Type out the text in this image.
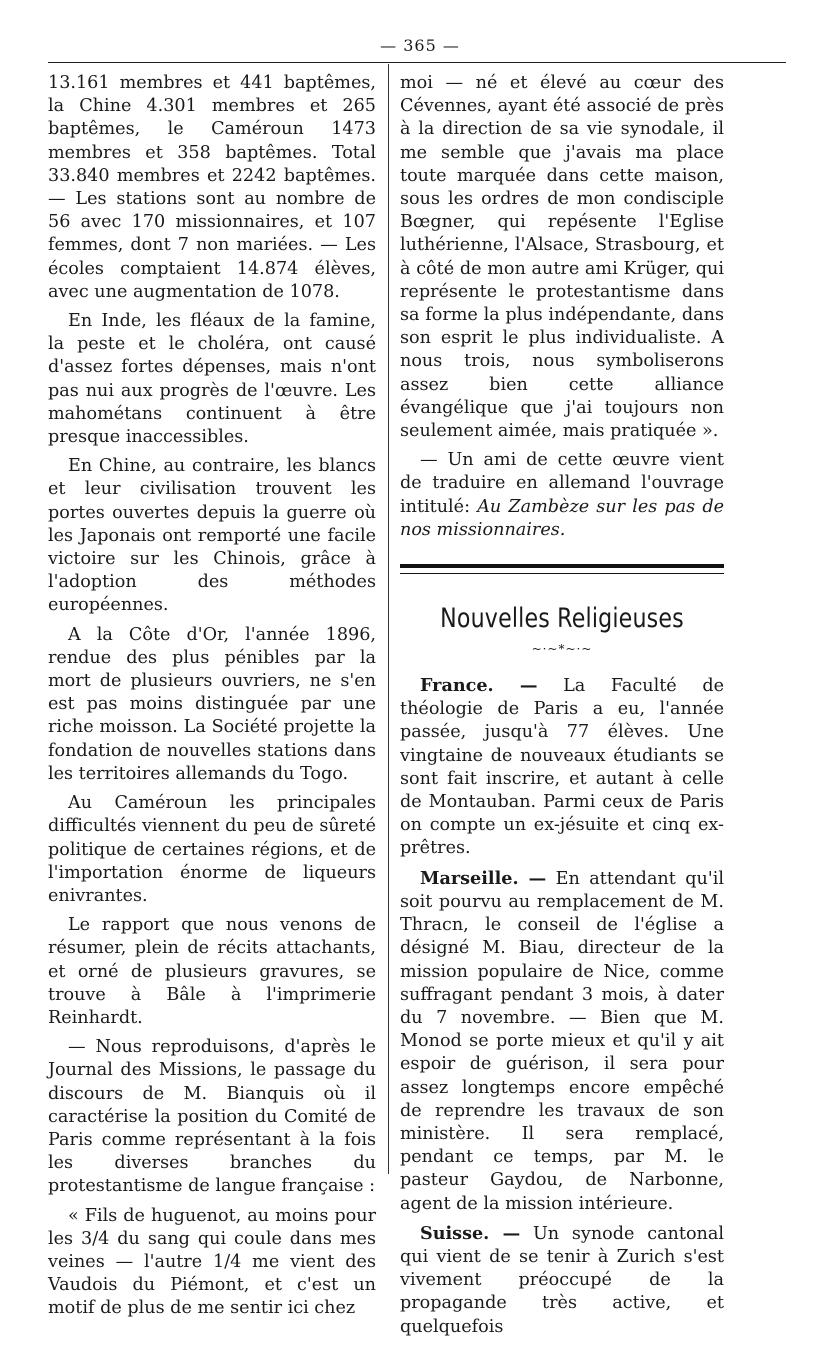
— 365 —

13.161 membres et 441 baptêmes, la Chine 4.301 membres et 265 baptêmes, le Caméroun 1473 membres et 358 baptêmes. Total 33.840 membres et 2242 baptêmes. — Les stations sont au nombre de 56 avec 170 missionnaires, et 107 femmes, dont 7 non mariées. — Les écoles comptaient 14.874 élèves, avec une augmentation de 1078.

En Inde, les fléaux de la famine, la peste et le choléra, ont causé d'assez fortes dépenses, mais n'ont pas nui aux progrès de l'œuvre. Les mahométans continuent à être presque inaccessibles.

En Chine, au contraire, les blancs et leur civilisation trouvent les portes ouvertes depuis la guerre où les Japonais ont remporté une facile victoire sur les Chinois, grâce à l'adoption des méthodes européennes.

A la Côte d'Or, l'année 1896, rendue des plus pénibles par la mort de plusieurs ouvriers, ne s'en est pas moins distinguée par une riche moisson. La Société projette la fondation de nouvelles stations dans les territoires allemands du Togo.

Au Caméroun les principales difficultés viennent du peu de sûreté politique de certaines régions, et de l'importation énorme de liqueurs enivrantes.

Le rapport que nous venons de résumer, plein de récits attachants, et orné de plusieurs gravures, se trouve à Bâle à l'imprimerie Reinhardt.

— Nous reproduisons, d'après le Journal des Missions, le passage du discours de M. Bianquis où il caractérise la position du Comité de Paris comme représentant à la fois les diverses branches du protestantisme de langue française :

« Fils de huguenot, au moins pour les 3/4 du sang qui coule dans mes veines — l'autre 1/4 me vient des Vaudois du Piémont, et c'est un motif de plus de me sentir ici chez

moi — né et élevé au cœur des Cévennes, ayant été associé de près à la direction de sa vie synodale, il me semble que j'avais ma place toute marquée dans cette maison, sous les ordres de mon condisciple Bœgner, qui repésente l'Eglise luthérienne, l'Alsace, Strasbourg, et à côté de mon autre ami Krüger, qui représente le protestantisme dans sa forme la plus indépendante, dans son esprit le plus individualiste. A nous trois, nous symboliserons assez bien cette alliance évangélique que j'ai toujours non seulement aimée, mais pratiquée ».

— Un ami de cette œuvre vient de traduire en allemand l'ouvrage intitulé: Au Zambèze sur les pas de nos missionnaires.

Nouvelles Religieuses
~·~*~·~

France. — La Faculté de théologie de Paris a eu, l'année passée, jusqu'à 77 élèves. Une vingtaine de nouveaux étudiants se sont fait inscrire, et autant à celle de Montauban. Parmi ceux de Paris on compte un ex-jésuite et cinq ex-prêtres.

Marseille. — En attendant qu'il soit pourvu au remplacement de M. Thracn, le conseil de l'église a désigné M. Biau, directeur de la mission populaire de Nice, comme suffragant pendant 3 mois, à dater du 7 novembre. — Bien que M. Monod se porte mieux et qu'il y ait espoir de guérison, il sera pour assez longtemps encore empêché de reprendre les travaux de son ministère. Il sera remplacé, pendant ce temps, par M. le pasteur Gaydou, de Narbonne, agent de la mission intérieure.

Suisse. — Un synode cantonal qui vient de se tenir à Zurich s'est vivement préoccupé de la propagande très active, et quelquefois
